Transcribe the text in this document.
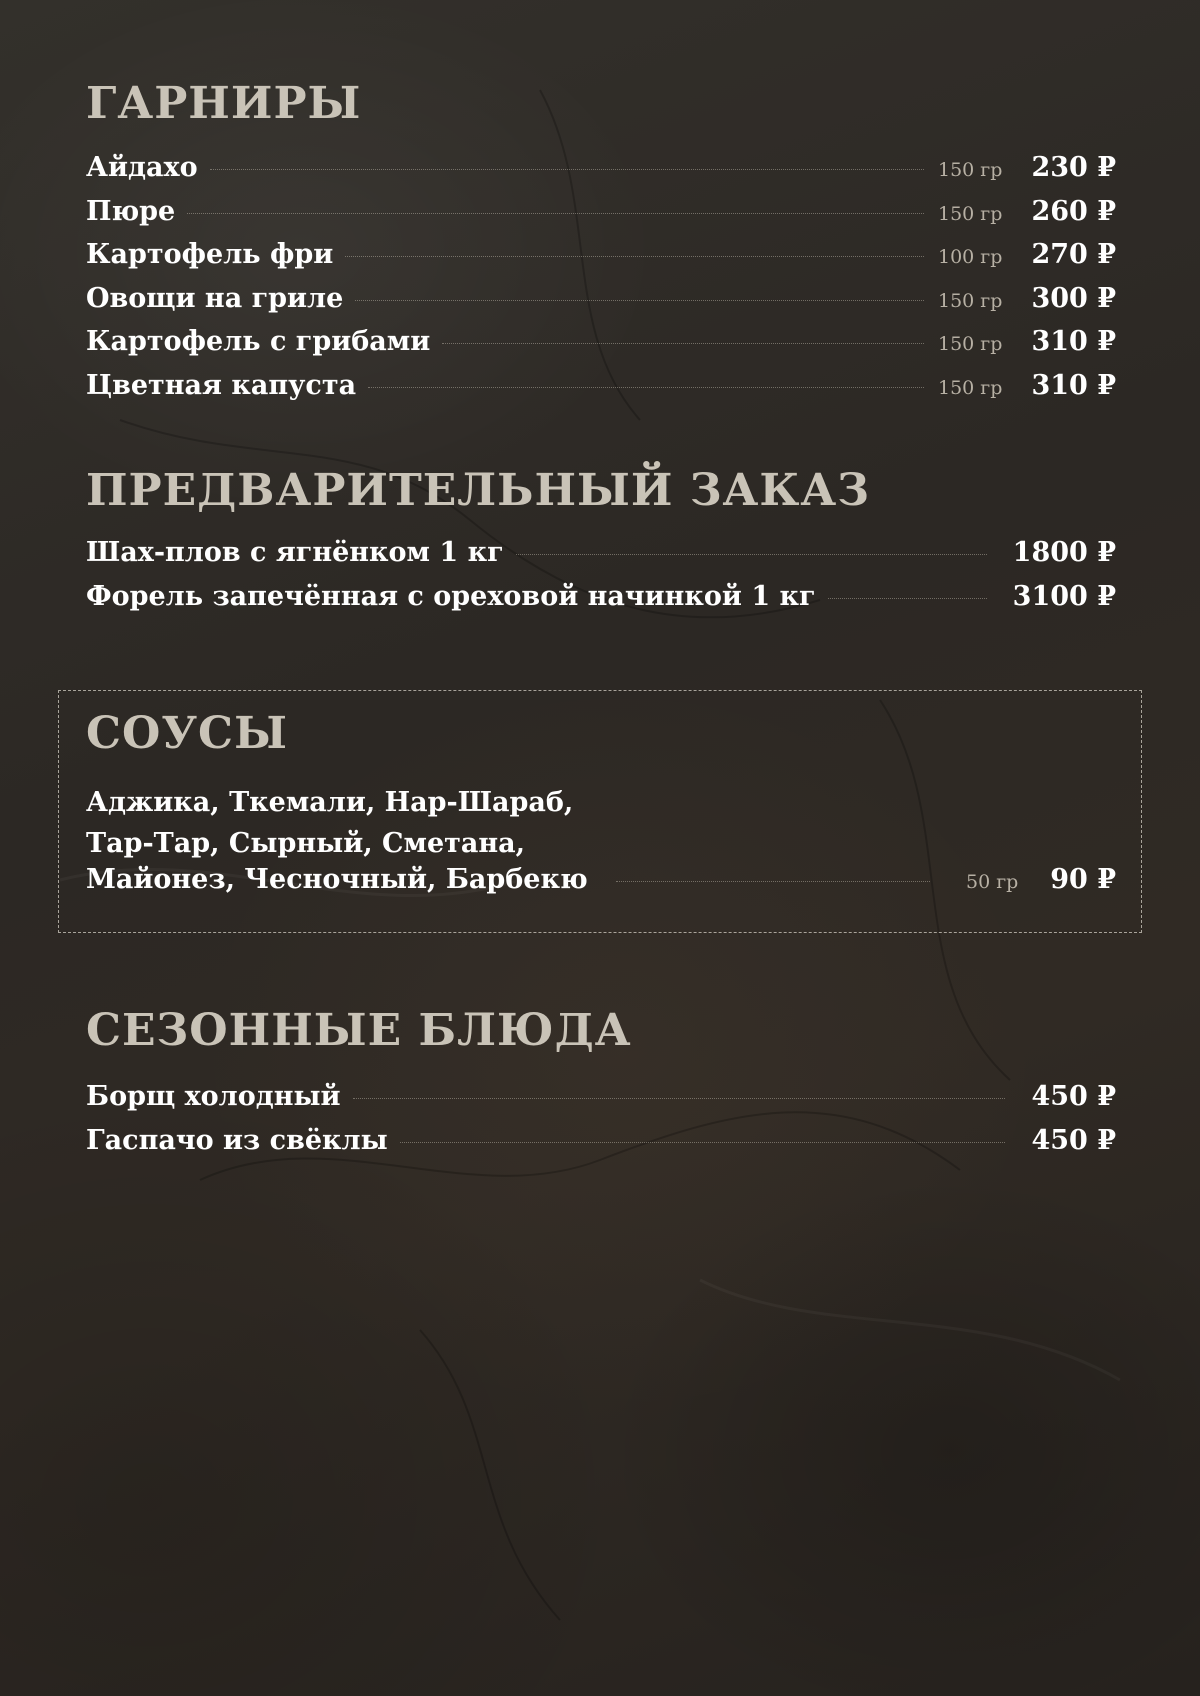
ГАРНИРЫ
Айдахо	150 гр	230 ₽
Пюре	150 гр	260 ₽
Картофель фри	100 гр	270 ₽
Овощи на гриле	150 гр	300 ₽
Картофель с грибами	150 гр	310 ₽
Цветная капуста	150 гр	310 ₽
ПРЕДВАРИТЕЛЬНЫЙ ЗАКАЗ
Шах-плов с ягнёнком 1 кг	1800 ₽
Форель запечённая с ореховой начинкой 1 кг	3100 ₽
СОУСЫ
Аджика, Ткемали, Нар-Шараб,
Тар-Тар, Сырный, Сметана,
Майонез, Чесночный, Барбекю	50 гр	90 ₽
СЕЗОННЫЕ БЛЮДА
Борщ холодный	450 ₽
Гаспачо из свёклы	450 ₽
